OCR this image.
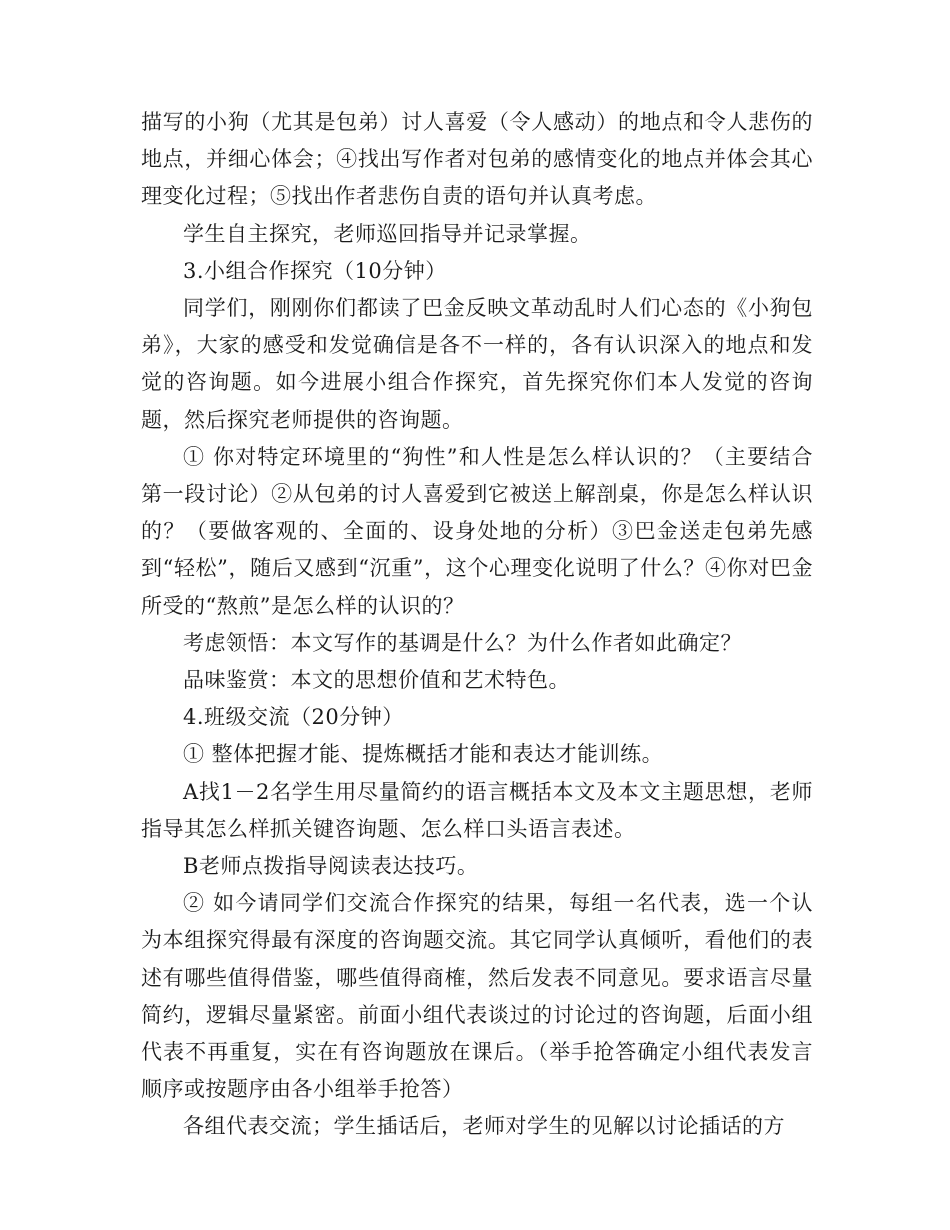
描写的小狗（尤其是包弟）讨人喜爱（令人感动）的地点和令人悲伤的地点，并细心体会；④找出写作者对包弟的感情变化的地点并体会其心理变化过程；⑤找出作者悲伤自责的语句并认真考虑。

学生自主探究，老师巡回指导并记录掌握。

3.小组合作探究（10分钟）

同学们，刚刚你们都读了巴金反映文革动乱时人们心态的《小狗包弟》，大家的感受和发觉确信是各不一样的，各有认识深入的地点和发觉的咨询题。如今进展小组合作探究，首先探究你们本人发觉的咨询题，然后探究老师提供的咨询题。

① 你对特定环境里的“狗性”和人性是怎么样认识的？（主要结合第一段讨论）②从包弟的讨人喜爱到它被送上解剖桌，你是怎么样认识的？（要做客观的、全面的、设身处地的分析）③巴金送走包弟先感到“轻松”，随后又感到“沉重”，这个心理变化说明了什么？④你对巴金所受的“熬煎”是怎么样的认识的？

考虑领悟：本文写作的基调是什么？为什么作者如此确定？

品味鉴赏：本文的思想价值和艺术特色。

4.班级交流（20分钟）

① 整体把握才能、提炼概括才能和表达才能训练。

A找1－2名学生用尽量简约的语言概括本文及本文主题思想，老师指导其怎么样抓关键咨询题、怎么样口头语言表述。

B老师点拨指导阅读表达技巧。

② 如今请同学们交流合作探究的结果，每组一名代表，选一个认为本组探究得最有深度的咨询题交流。其它同学认真倾听，看他们的表述有哪些值得借鉴，哪些值得商榷，然后发表不同意见。要求语言尽量简约，逻辑尽量紧密。前面小组代表谈过的讨论过的咨询题，后面小组代表不再重复，实在有咨询题放在课后。（举手抢答确定小组代表发言顺序或按题序由各小组举手抢答）

各组代表交流；学生插话后，老师对学生的见解以讨论插话的方
